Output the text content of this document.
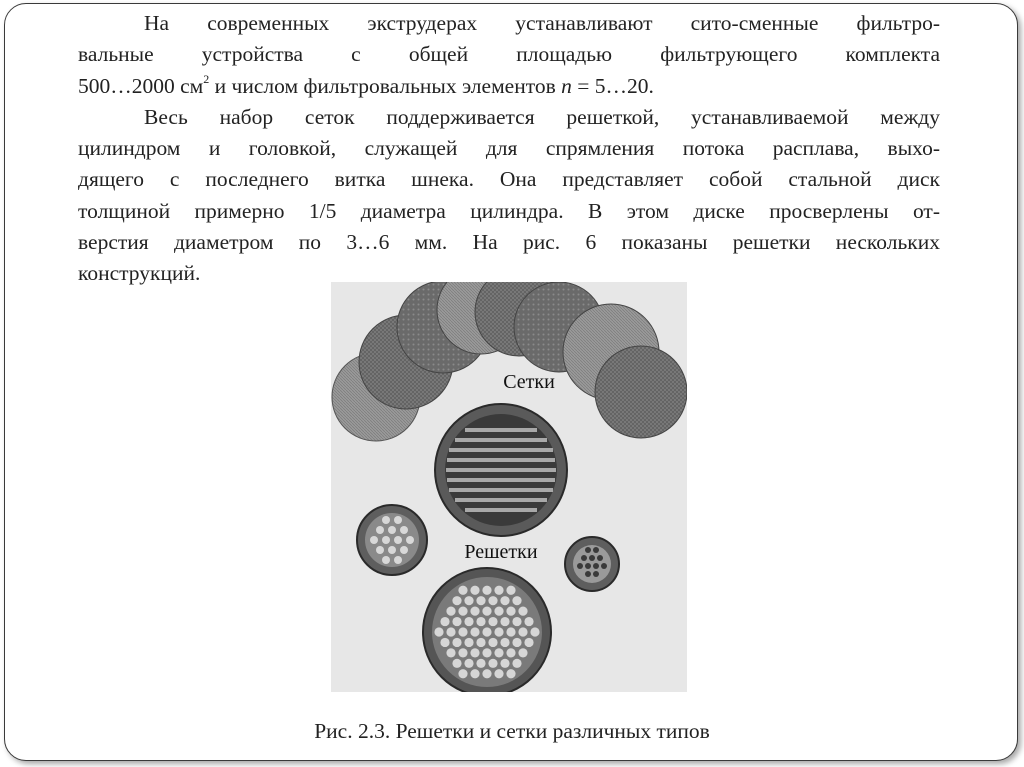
На современных экструдерах устанавливают сито-сменные фильтро-
вальные устройства с общей площадью фильтрующего комплекта
500…2000 $см^2$ и числом фильтровальных элементов n = 5…20.
Весь набор сеток поддерживается решеткой, устанавливаемой между
цилиндром и головкой, служащей для спрямления потока расплава, выхо-
дящего с последнего витка шнека. Она представляет собой стальной диск
толщиной примерно 1/5 диаметра цилиндра. В этом диске просверлены от-
верстия диаметром по 3…6 мм. На рис. 6 показаны решетки нескольких
конструкций.
Сетки
Решетки
Рис. 2.3. Решетки и сетки различных типов
